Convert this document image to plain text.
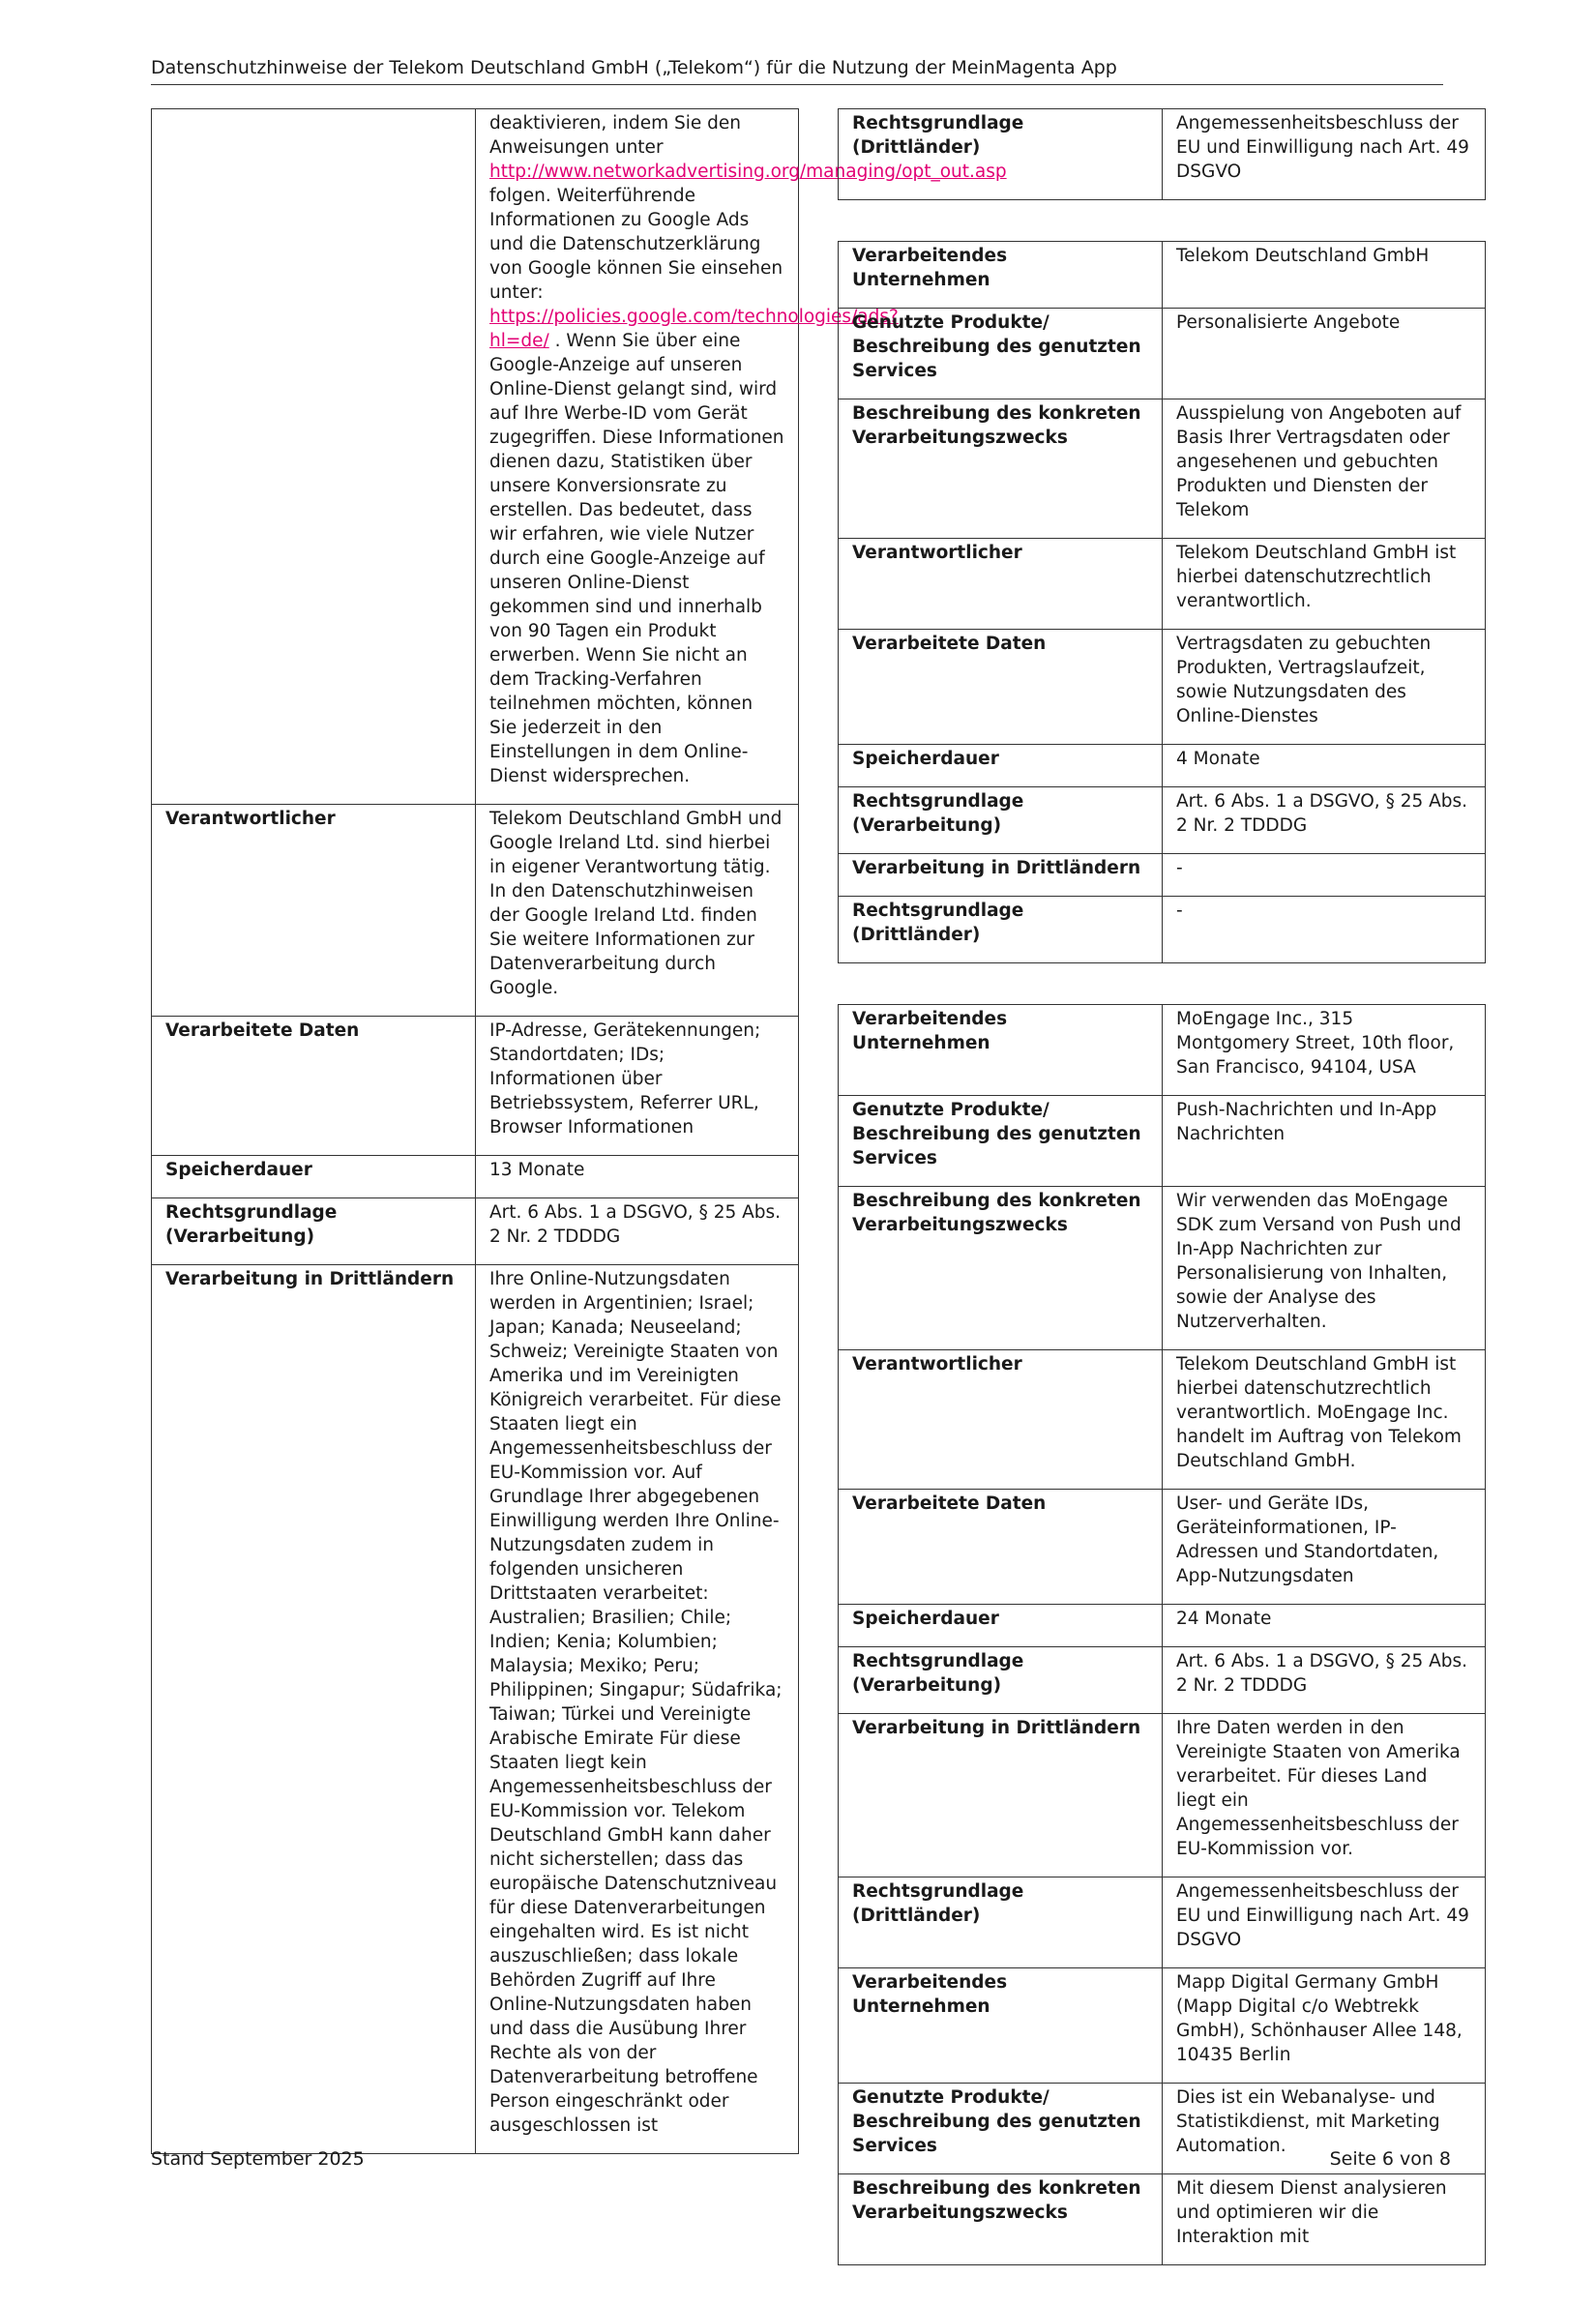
Datenschutzhinweise der Telekom Deutschland GmbH („Telekom“) für die Nutzung der MeinMagenta App
	deaktivieren, indem Sie den Anweisungen unter http://www.networkadvertising.org/managing/opt_out.asp folgen. Weiterführende Informationen zu Google Ads und die Datenschutzerklärung von Google können Sie einsehen unter: https://policies.google.com/technologies/ads?hl=de/ . Wenn Sie über eine Google-Anzeige auf unseren Online-Dienst gelangt sind, wird auf Ihre Werbe-ID vom Gerät zugegriffen. Diese Informationen dienen dazu, Statistiken über unsere Konversionsrate zu erstellen. Das bedeutet, dass wir erfahren, wie viele Nutzer durch eine Google-Anzeige auf unseren Online-Dienst gekommen sind und innerhalb von 90 Tagen ein Produkt erwerben. Wenn Sie nicht an dem Tracking-Verfahren teilnehmen möchten, können Sie jederzeit in den Einstellungen in dem Online-Dienst widersprechen.
Verantwortlicher	Telekom Deutschland GmbH und Google Ireland Ltd. sind hierbei in eigener Verantwortung tätig. In den Datenschutzhinweisen der Google Ireland Ltd. finden Sie weitere Informationen zur Datenverarbeitung durch Google.
Verarbeitete Daten	IP-Adresse, Gerätekennungen; Standortdaten; IDs; Informationen über Betriebssystem, Referrer URL, Browser Informationen
Speicherdauer	13 Monate
Rechtsgrundlage (Verarbeitung)	Art. 6 Abs. 1 a DSGVO, § 25 Abs. 2 Nr. 2 TDDDG
Verarbeitung in Drittländern	Ihre Online-Nutzungsdaten werden in Argentinien; Israel; Japan; Kanada; Neuseeland; Schweiz; Vereinigte Staaten von Amerika und im Vereinigten Königreich verarbeitet. Für diese Staaten liegt ein Angemessenheitsbeschluss der EU-Kommission vor. Auf Grundlage Ihrer abgegebenen Einwilligung werden Ihre Online-Nutzungsdaten zudem in folgenden unsicheren Drittstaaten verarbeitet: Australien; Brasilien; Chile; Indien; Kenia; Kolumbien; Malaysia; Mexiko; Peru; Philippinen; Singapur; Südafrika; Taiwan; Türkei und Vereinigte Arabische Emirate Für diese Staaten liegt kein Angemessenheitsbeschluss der EU-Kommission vor. Telekom Deutschland GmbH kann daher nicht sicherstellen; dass das europäische Datenschutzniveau für diese Datenverarbeitungen eingehalten wird. Es ist nicht auszuschließen; dass lokale Behörden Zugriff auf Ihre Online-Nutzungsdaten haben und dass die Ausübung Ihrer Rechte als von der Datenverarbeitung betroffene Person eingeschränkt oder ausgeschlossen ist
Rechtsgrundlage (Drittländer)	Angemessenheitsbeschluss der EU und Einwilligung nach Art. 49 DSGVO
Verarbeitendes Unternehmen	Telekom Deutschland GmbH
Genutzte Produkte/ Beschreibung des genutzten Services	Personalisierte Angebote
Beschreibung des konkreten Verarbeitungszwecks	Ausspielung von Angeboten auf Basis Ihrer Vertragsdaten oder angesehenen und gebuchten Produkten und Diensten der Telekom
Verantwortlicher	Telekom Deutschland GmbH ist hierbei datenschutzrechtlich verantwortlich.
Verarbeitete Daten	Vertragsdaten zu gebuchten Produkten, Vertragslaufzeit, sowie Nutzungsdaten des Online-Dienstes
Speicherdauer	4 Monate
Rechtsgrundlage (Verarbeitung)	Art. 6 Abs. 1 a DSGVO, § 25 Abs. 2 Nr. 2 TDDDG
Verarbeitung in Drittländern	-
Rechtsgrundlage (Drittländer)	-
Verarbeitendes Unternehmen	MoEngage Inc., 315 Montgomery Street, 10th floor, San Francisco, 94104, USA
Genutzte Produkte/ Beschreibung des genutzten Services	Push-Nachrichten und In-App Nachrichten
Beschreibung des konkreten Verarbeitungszwecks	Wir verwenden das MoEngage SDK zum Versand von Push und In-App Nachrichten zur Personalisierung von Inhalten, sowie der Analyse des Nutzerverhalten.
Verantwortlicher	Telekom Deutschland GmbH ist hierbei datenschutzrechtlich verantwortlich. MoEngage Inc. handelt im Auftrag von Telekom Deutschland GmbH.
Verarbeitete Daten	User- und Geräte IDs, Geräteinformationen, IP-Adressen und Standortdaten, App-Nutzungsdaten
Speicherdauer	24 Monate
Rechtsgrundlage (Verarbeitung)	Art. 6 Abs. 1 a DSGVO, § 25 Abs. 2 Nr. 2 TDDDG
Verarbeitung in Drittländern	Ihre Daten werden in den Vereinigte Staaten von Amerika verarbeitet. Für dieses Land liegt ein Angemessenheitsbeschluss der EU-Kommission vor.
Rechtsgrundlage (Drittländer)	Angemessenheitsbeschluss der EU und Einwilligung nach Art. 49 DSGVO
Verarbeitendes Unternehmen	Mapp Digital Germany GmbH (Mapp Digital c/o Webtrekk GmbH), Schönhauser Allee 148, 10435 Berlin
Genutzte Produkte/ Beschreibung des genutzten Services	Dies ist ein Webanalyse- und Statistikdienst, mit Marketing Automation.
Beschreibung des konkreten Verarbeitungszwecks	Mit diesem Dienst analysieren und optimieren wir die Interaktion mit
Stand September 2025	Seite 6 von 8
